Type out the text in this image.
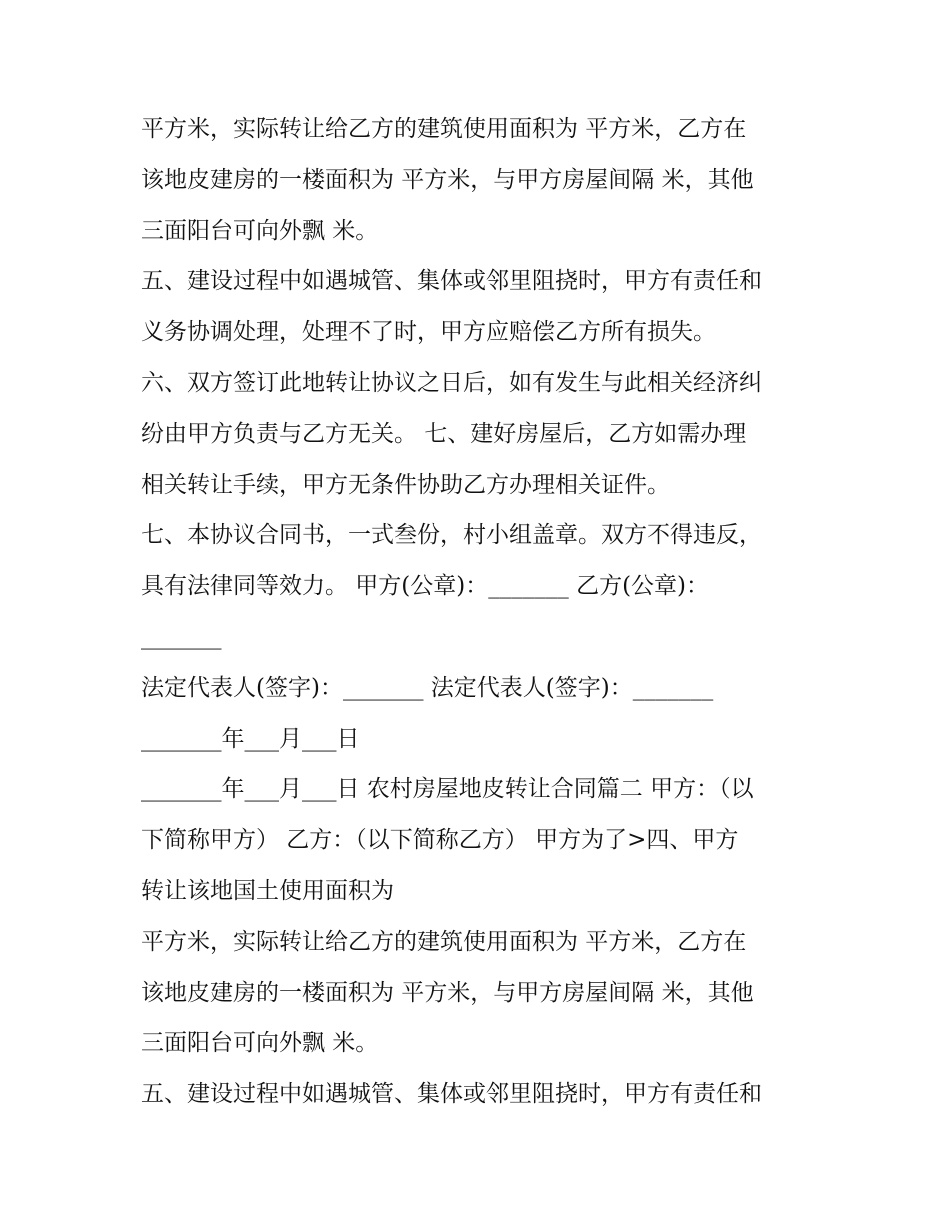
平方米，实际转让给乙方的建筑使用面积为 平方米，乙方在
该地皮建房的一楼面积为 平方米，与甲方房屋间隔 米，其他
三面阳台可向外飘 米。
五、建设过程中如遇城管、集体或邻里阻挠时，甲方有责任和
义务协调处理，处理不了时，甲方应赔偿乙方所有损失。
六、双方签订此地转让协议之日后，如有发生与此相关经济纠
纷由甲方负责与乙方无关。 七、建好房屋后，乙方如需办理
相关转让手续，甲方无条件协助乙方办理相关证件。
七、本协议合同书，一式叁份，村小组盖章。双方不得违反，
具有法律同等效力。 甲方(公章)：_______ 乙方(公章)：
_______
法定代表人(签字)：_______ 法定代表人(签字)：_______
_______年___月___日
_______年___月___日 农村房屋地皮转让合同篇二 甲方：（以
下简称甲方） 乙方：（以下简称乙方） 甲方为了>四、甲方
转让该地国土使用面积为
平方米，实际转让给乙方的建筑使用面积为 平方米，乙方在
该地皮建房的一楼面积为 平方米，与甲方房屋间隔 米，其他
三面阳台可向外飘 米。
五、建设过程中如遇城管、集体或邻里阻挠时，甲方有责任和
